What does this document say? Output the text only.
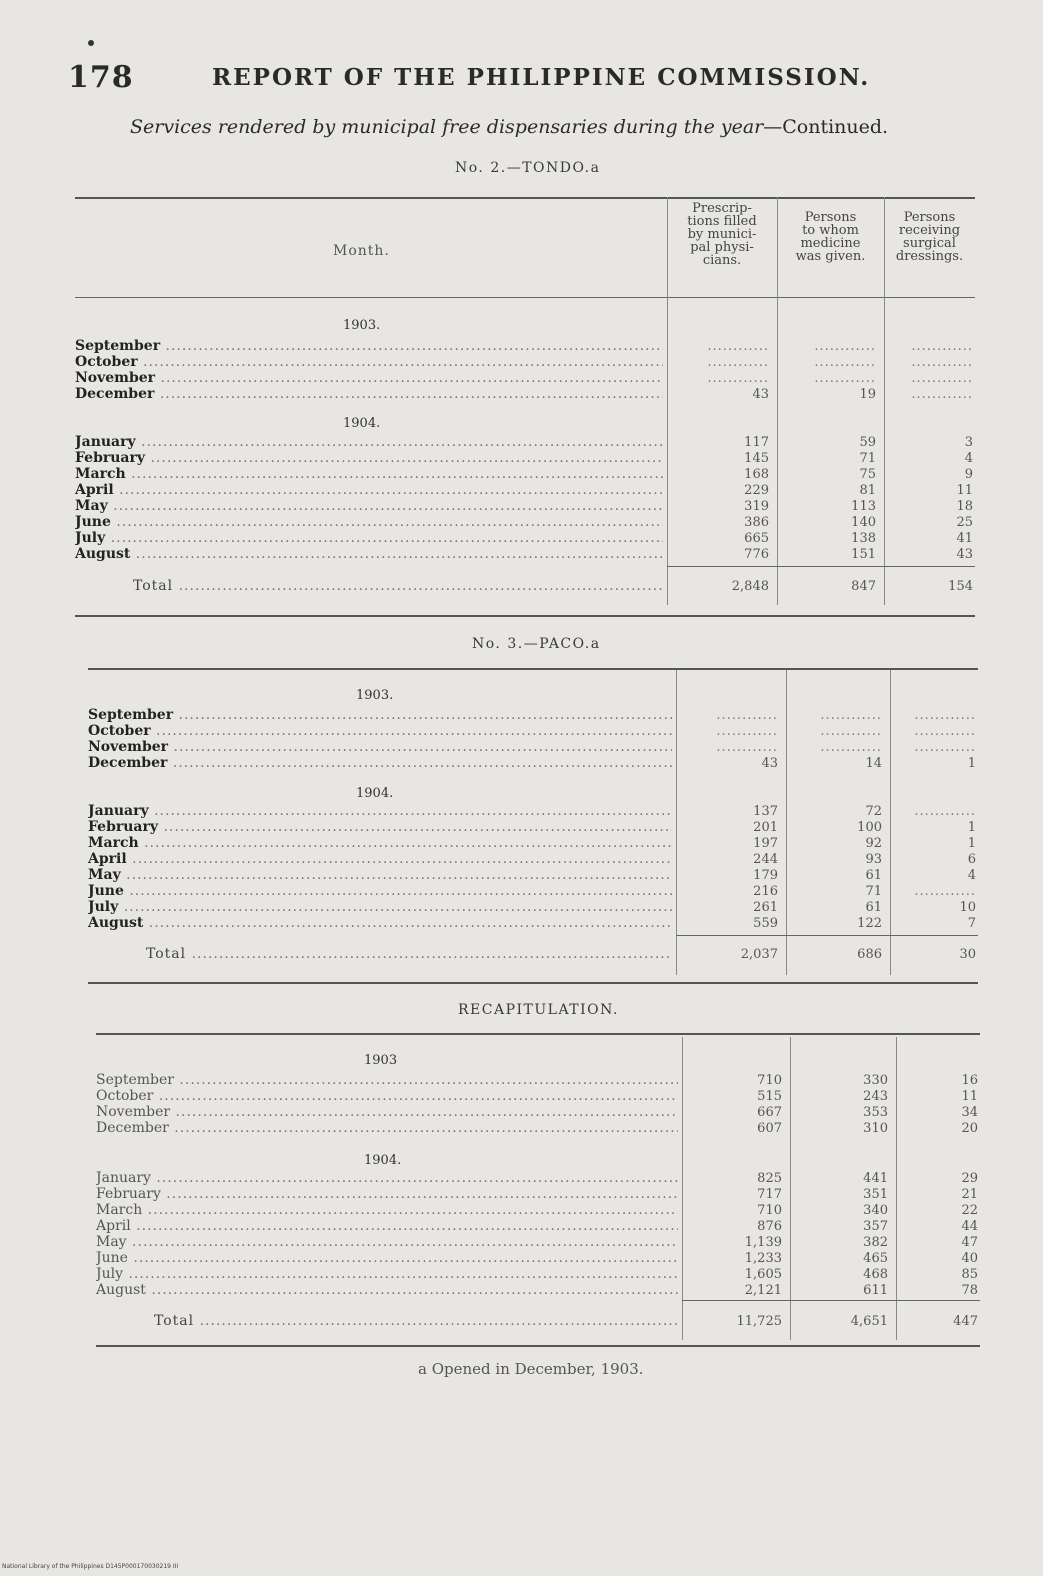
178	REPORT OF THE PHILIPPINE COMMISSION.
Services rendered by municipal free dispensaries during the year—Continued.
No. 2.—TONDO.a
Month.
Prescrip-
tions filled
by munici-
pal physi-
cians.
Persons
to whom
medicine
was given.
Persons
receiving
surgical
dressings.
1903.
1904.
September .....	............	............	............
October .....	............	............	............
November .....	............	............	............
December .....	43	19	............
January .....	117	59	3
February .....	145	71	4
March .....	168	75	9
April .....	229	81	11
May .....	319	113	18
June .....	386	140	25
July .....	665	138	41
August .....	776	151	43
Total .....	2,848	847	154
No. 3.—PACO.a
1903.
1904.
September .....	............	............	............
October .....	............	............	............
November .....	............	............	............
December .....	43	14	1
January .....	137	72	............
February .....	201	100	1
March .....	197	92	1
April .....	244	93	6
May .....	179	61	4
June .....	216	71	............
July .....	261	61	10
August .....	559	122	7
Total .....	2,037	686	30
RECAPITULATION.
1903
1904.
September .....	710	330	16
October .....	515	243	11
November .....	667	353	34
December .....	607	310	20
January .....	825	441	29
February .....	717	351	21
March .....	710	340	22
April .....	876	357	44
May .....	1,139	382	47
June .....	1,233	465	40
July .....	1,605	468	85
August .....	2,121	611	78
Total .....	11,725	4,651	447
a Opened in December, 1903.
National Library of the Philippines D145P000170030219 III
